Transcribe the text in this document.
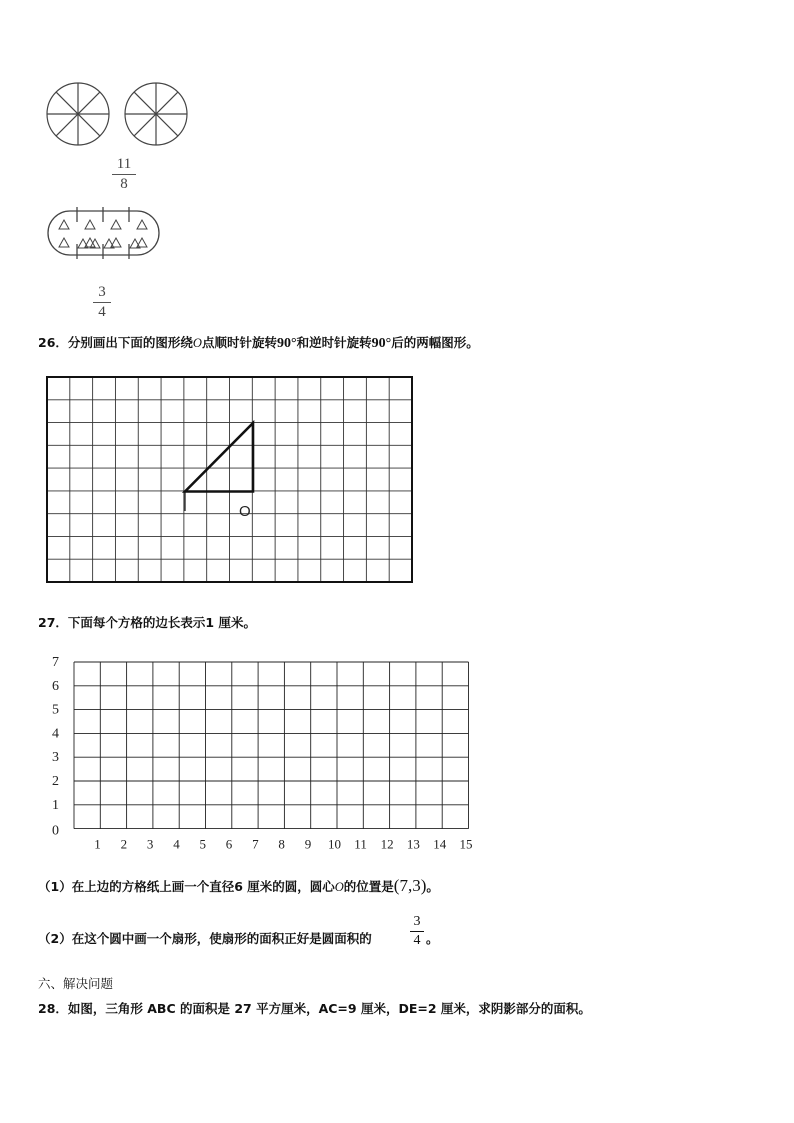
11
8
3
4
26．分别画出下面的图形绕O点顺时针旋转90°和逆时针旋转90°后的两幅图形。
O
27．下面每个方格的边长表示1 厘米。
7
6
5
4
3
2
1
0
1 2 3 4 5 6 7 8 9 10 11 12 13 14 15
（1）在上边的方格纸上画一个直径6 厘米的圆，圆心O的位置是(7,3)。
（2）在这个圆中画一个扇形，使扇形的面积正好是圆面积的
3
4 。
六、解决问题
28．如图，三角形 ABC 的面积是 27 平方厘米，AC=9 厘米，DE=2 厘米，求阴影部分的面积。
